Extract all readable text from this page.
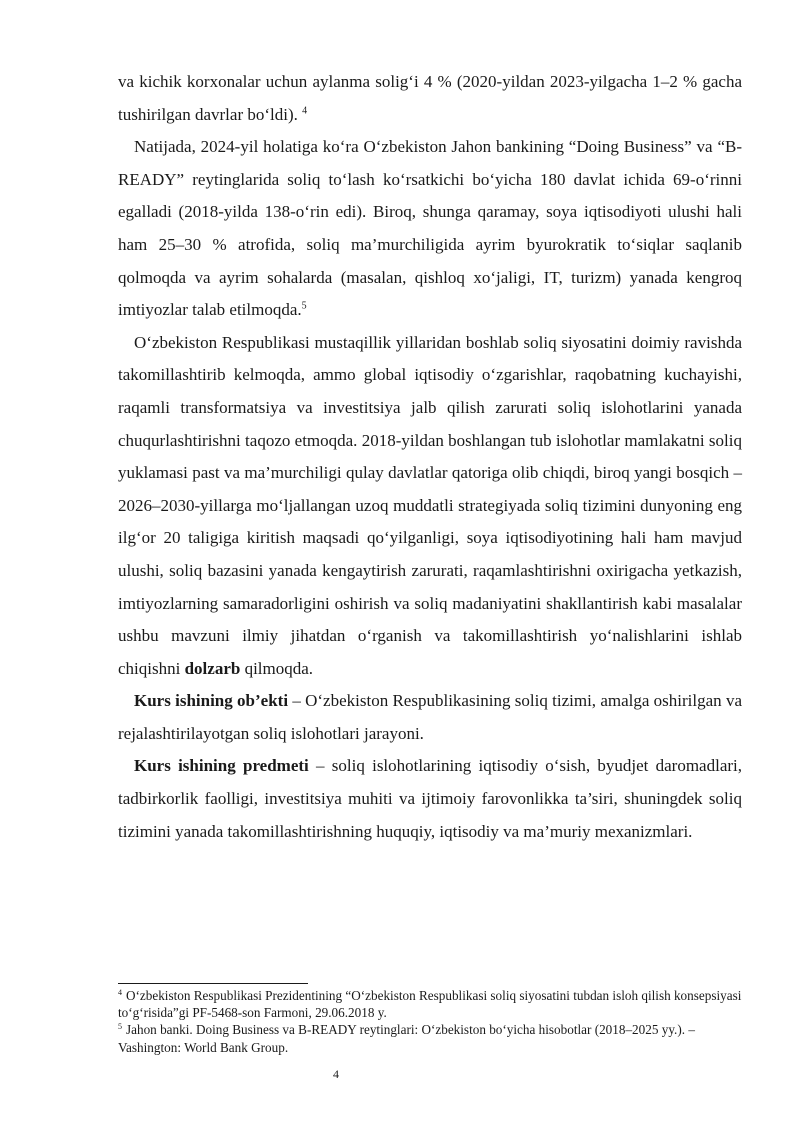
va kichik korxonalar uchun aylanma solig‘i 4 % (2020-yildan 2023-yilgacha 1–2 % gacha tushirilgan davrlar bo‘ldi). $^4$

Natijada, 2024-yil holatiga ko‘ra O‘zbekiston Jahon bankining “Doing Business” va “B-READY” reytinglarida soliq to‘lash ko‘rsatkichi bo‘yicha 180 davlat ichida 69-o‘rinni egalladi (2018-yilda 138-o‘rin edi). Biroq, shunga qaramay, soya iqtisodiyoti ulushi hali ham 25–30 % atrofida, soliq ma’murchiligida ayrim byurokratik to‘siqlar saqlanib qolmoqda va ayrim sohalarda (masalan, qishloq xo‘jaligi, IT, turizm) yanada kengroq imtiyozlar talab etilmoqda.$^5$

O‘zbekiston Respublikasi mustaqillik yillaridan boshlab soliq siyosatini doimiy ravishda takomillashtirib kelmoqda, ammo global iqtisodiy o‘zgarishlar, raqobatning kuchayishi, raqamli transformatsiya va investitsiya jalb qilish zarurati soliq islohotlarini yanada chuqurlashtirishni taqozo etmoqda. 2018-yildan boshlangan tub islohotlar mamlakatni soliq yuklamasi past va ma’murchiligi qulay davlatlar qatoriga olib chiqdi, biroq yangi bosqich – 2026–2030-yillarga mo‘ljallangan uzoq muddatli strategiyada soliq tizimini dunyoning eng ilg‘or 20 taligiga kiritish maqsadi qo‘yilganligi, soya iqtisodiyotining hali ham mavjud ulushi, soliq bazasini yanada kengaytirish zarurati, raqamlashtirishni oxirigacha yetkazish, imtiyozlarning samaradorligini oshirish va soliq madaniyatini shakllantirish kabi masalalar ushbu mavzuni ilmiy jihatdan o‘rganish va takomillashtirish yo‘nalishlarini ishlab chiqishni dolzarb qilmoqda.

Kurs ishining ob’ekti – O‘zbekiston Respublikasining soliq tizimi, amalga oshirilgan va rejalashtirilayotgan soliq islohotlari jarayoni.

Kurs ishining predmeti – soliq islohotlarining iqtisodiy o‘sish, byudjet daromadlari, tadbirkorlik faolligi, investitsiya muhiti va ijtimoiy farovonlikka ta’siri, shuningdek soliq tizimini yanada takomillashtirishning huquqiy, iqtisodiy va ma’muriy mexanizmlari.

$^4$ O‘zbekiston Respublikasi Prezidentining “O‘zbekiston Respublikasi soliq siyosatini tubdan isloh qilish konsepsiyasi to‘g‘risida”gi PF-5468-son Farmoni, 29.06.2018 y.

$^5$ Jahon banki. Doing Business va B-READY reytinglari: O‘zbekiston bo‘yicha hisobotlar (2018–2025 yy.). – Vashington: World Bank Group.

4
